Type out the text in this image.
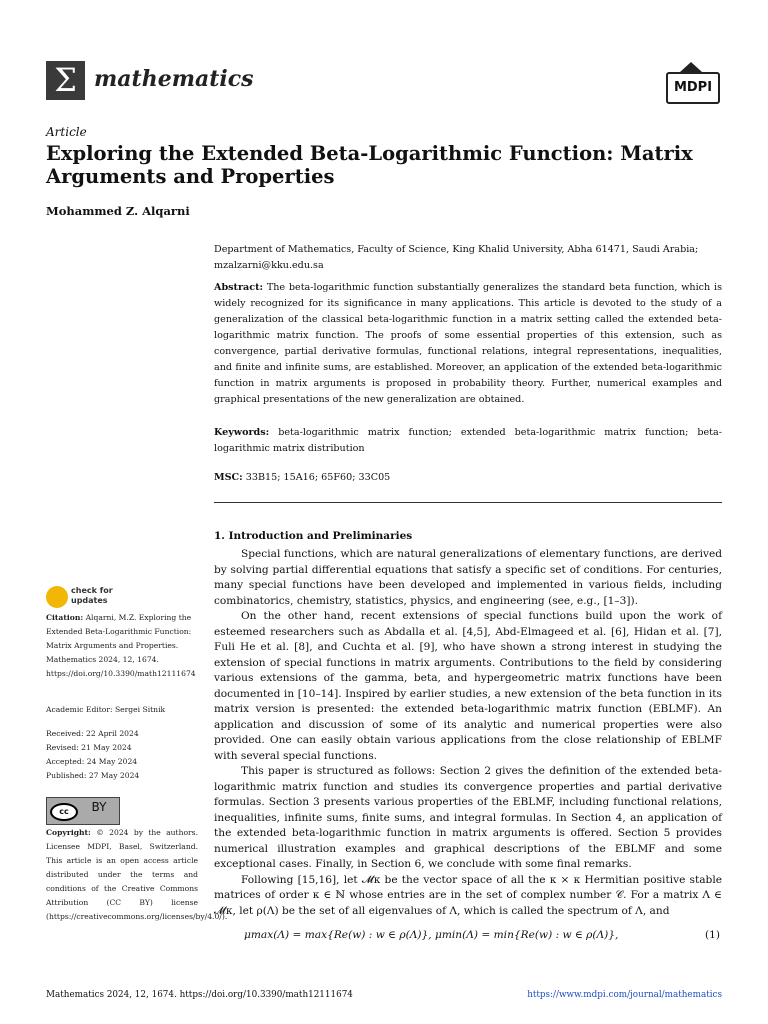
Σ mathematics	MDPI
Article
Exploring the Extended Beta-Logarithmic Function: Matrix Arguments and Properties
Mohammed Z. Alqarni
Department of Mathematics, Faculty of Science, King Khalid University, Abha 61471, Saudi Arabia; mzalzarni@kku.edu.sa
Abstract: The beta-logarithmic function substantially generalizes the standard beta function, which is widely recognized for its significance in many applications. This article is devoted to the study of a generalization of the classical beta-logarithmic function in a matrix setting called the extended beta-logarithmic matrix function. The proofs of some essential properties of this extension, such as convergence, partial derivative formulas, functional relations, integral representations, inequalities, and finite and infinite sums, are established. Moreover, an application of the extended beta-logarithmic function in matrix arguments is proposed in probability theory. Further, numerical examples and graphical presentations of the new generalization are obtained.
Keywords: beta-logarithmic matrix function; extended beta-logarithmic matrix function; beta-logarithmic matrix distribution
MSC: 33B15; 15A16; 65F60; 33C05
1. Introduction and Preliminaries

Special functions, which are natural generalizations of elementary functions, are derived by solving partial differential equations that satisfy a specific set of conditions. For centuries, many special functions have been developed and implemented in various fields, including combinatorics, chemistry, statistics, physics, and engineering (see, e.g., [1–3]).

On the other hand, recent extensions of special functions build upon the work of esteemed researchers such as Abdalla et al. [4,5], Abd-Elmageed et al. [6], Hidan et al. [7], Fuli He et al. [8], and Cuchta et al. [9], who have shown a strong interest in studying the extension of special functions in matrix arguments. Contributions to the field by considering various extensions of the gamma, beta, and hypergeometric matrix functions have been documented in [10–14]. Inspired by earlier studies, a new extension of the beta function in its matrix version is presented: the extended beta-logarithmic matrix function (EBLMF). An application and discussion of some of its analytic and numerical properties were also provided. One can easily obtain various applications from the close relationship of EBLMF with several special functions.

This paper is structured as follows: Section 2 gives the definition of the extended beta-logarithmic matrix function and studies its convergence properties and partial derivative formulas. Section 3 presents various properties of the EBLMF, including functional relations, inequalities, infinite sums, finite sums, and integral formulas. In Section 4, an application of the extended beta-logarithmic function in matrix arguments is offered. Section 5 provides numerical illustration examples and graphical descriptions of the EBLMF and some exceptional cases. Finally, in Section 6, we conclude with some final remarks.

Following [15,16], let 𝓜κ be the vector space of all the κ × κ Hermitian positive stable matrices of order κ ∈ ℕ whose entries are in the set of complex number 𝒞. For a matrix Λ ∈ 𝓜κ, let ρ(Λ) be the set of all eigenvalues of Λ, which is called the spectrum of Λ, and

μmax(Λ) = max{Re(w) : w ∈ ρ(Λ)}, μmin(Λ) = min{Re(w) : w ∈ ρ(Λ)},	(1)
check for
updates
Citation: Alqarni, M.Z. Exploring the Extended Beta-Logarithmic Function: Matrix Arguments and Properties. Mathematics 2024, 12, 1674. https://doi.org/10.3390/math12111674
Academic Editor: Sergei Sitnik
Received: 22 April 2024
Revised: 21 May 2024
Accepted: 24 May 2024
Published: 27 May 2024
cc	BY
Copyright: © 2024 by the authors. Licensee MDPI, Basel, Switzerland. This article is an open access article distributed under the terms and conditions of the Creative Commons Attribution (CC BY) license (https://creativecommons.org/licenses/by/4.0/).
Mathematics 2024, 12, 1674. https://doi.org/10.3390/math12111674	https://www.mdpi.com/journal/mathematics
